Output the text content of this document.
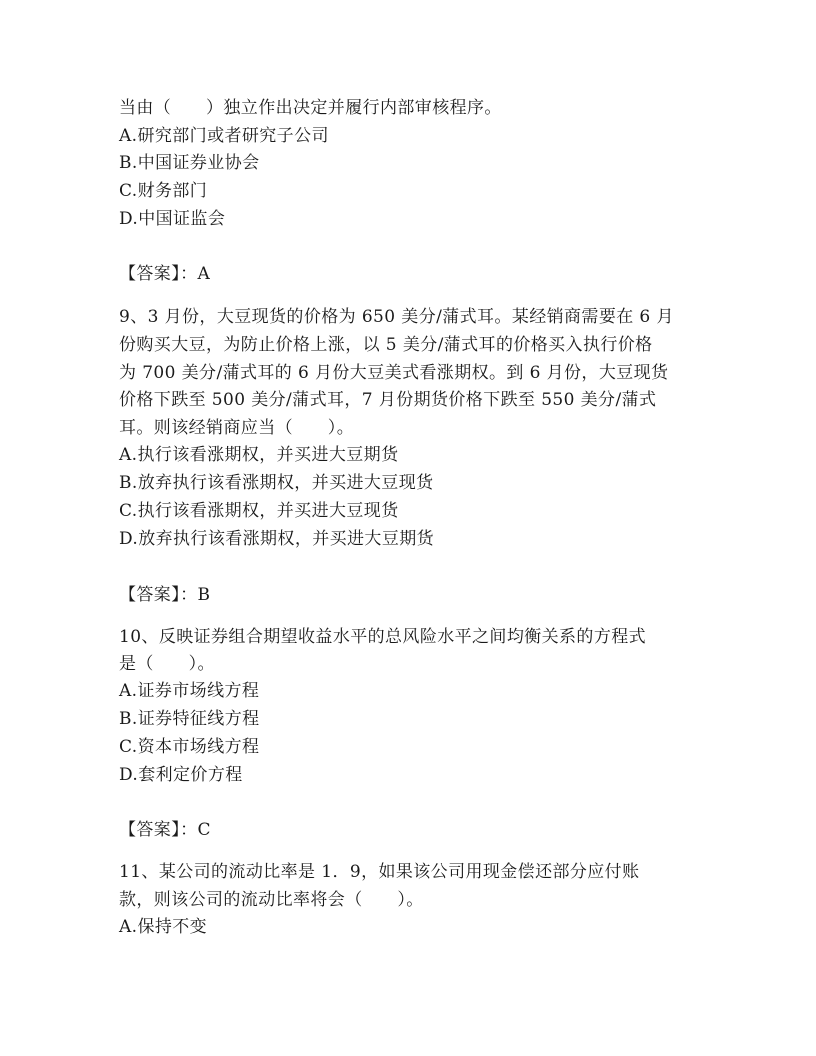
当由（　　）独立作出决定并履行内部审核程序。
A.研究部门或者研究子公司
B.中国证券业协会
C.财务部门
D.中国证监会
【答案】：A
9、3 月份，大豆现货的价格为 650 美分/蒲式耳。某经销商需要在 6 月
份购买大豆，为防止价格上涨，以 5 美分/蒲式耳的价格买入执行价格
为 700 美分/蒲式耳的 6 月份大豆美式看涨期权。到 6 月份，大豆现货
价格下跌至 500 美分/蒲式耳，7 月份期货价格下跌至 550 美分/蒲式
耳。则该经销商应当（　　）。
A.执行该看涨期权，并买进大豆期货
B.放弃执行该看涨期权，并买进大豆现货
C.执行该看涨期权，并买进大豆现货
D.放弃执行该看涨期权，并买进大豆期货
【答案】：B
10、反映证券组合期望收益水平的总风险水平之间均衡关系的方程式
是（　　）。
A.证券市场线方程
B.证券特征线方程
C.资本市场线方程
D.套利定价方程
【答案】：C
11、某公司的流动比率是 1．9，如果该公司用现金偿还部分应付账
款，则该公司的流动比率将会（　　）。
A.保持不变
